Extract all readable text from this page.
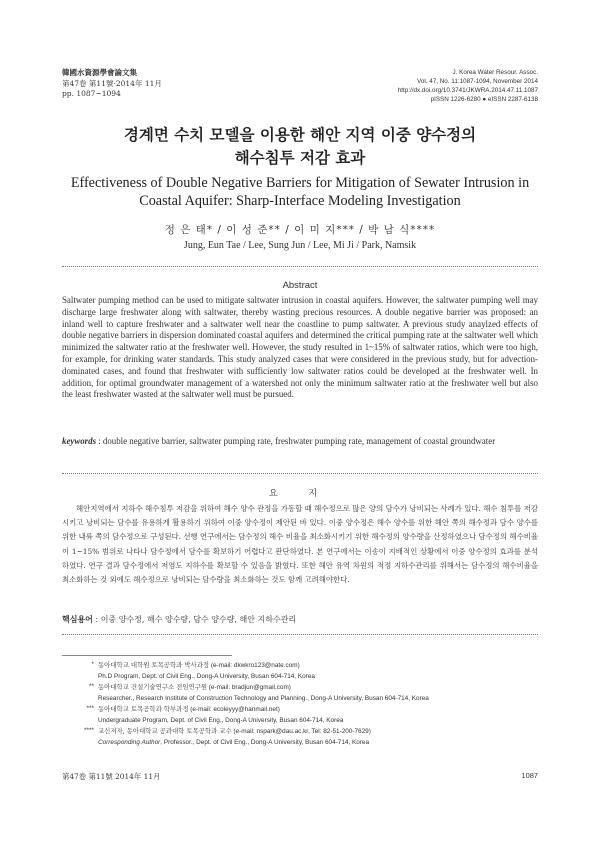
韓國水資源學會論文集
第47卷 第11號·2014年 11月
pp. 1087~1094
J. Korea Water Resour. Assoc.
Vol. 47, No. 11:1087-1094, November 2014
http://dx.doi.org/10.3741/JKWRA.2014.47.11.1087
pISSN 1226-6280 ● eISSN 2287-6138
경계면 수치 모델을 이용한 해안 지역 이중 양수정의
해수침투 저감 효과
Effectiveness of Double Negative Barriers for Mitigation of Sewater Intrusion in
Coastal Aquifer: Sharp-Interface Modeling Investigation
정 은 태* / 이 성 준** / 이 미 지*** / 박 남 식****
Jung, Eun Tae / Lee, Sung Jun / Lee, Mi Ji / Park, Namsik
Abstract

Saltwater pumping method can be used to mitigate saltwater intrusion in coastal aquifers. However, the saltwater pumping well may discharge large freshwater along with saltwater, thereby wasting precious resources. A double negative barrier was proposed: an inland well to capture freshwater and a saltwater well near the coastline to pump saltwater. A previous study anaylzed effects of double negative barriers in dispersion dominated coastal aquifers and determined the critical pumping rate at the saltwater well which minimized the saltwater ratio at the freshwater well. However, the study resulted in 1~15% of saltwater ratios, which were too high, for example, for drinking water standards. This study analyzed cases that were considered in the previous study, but for advection-dominated cases, and found that freshwater with sufficiently low saltwater ratios could be developed at the freshwater well. In addition, for optimal groundwater management of a watershed not only the minimum saltwater ratio at the freshwater well but also the least freshwater wasted at the saltwater well must be pursued.

keywords : double negative barrier, saltwater pumping rate, freshwater pumping rate, management of coastal groundwater

요 지

해안지역에서 지하수 해수침투 저감을 위하여 해수 양수 관정을 가동할 때 해수정으로 많은 양의 담수가 낭비되는 사례가 있다. 해수 침투를 저감시키고 낭비되는 담수를 유용하게 활용하기 위하여 이중 양수정이 제안된 바 있다. 이중 양수정은 해수 양수를 위한 해안 쪽의 해수정과 담수 양수를 위한 내륙 쪽의 담수정으로 구성된다. 선행 연구에서는 담수정의 해수 비율을 최소화시키기 위한 해수정의 양수량을 산정하였으나 담수정의 해수비율이 1~15% 범위로 나타나 담수정에서 담수를 확보하기 어렵다고 판단하였다. 본 연구에서는 이송이 지배적인 상황에서 이중 양수정의 효과를 분석하였다. 연구 결과 담수정에서 저염도 지하수를 확보할 수 있음을 밝혔다. 또한 해안 유역 차원의 적정 지하수관리를 위해서는 담수정의 해수비율을 최소화하는 것 외에도 해수정으로 낭비되는 담수량을 최소화하는 것도 함께 고려해야한다.

핵심용어 : 이중 양수정, 해수 양수량, 담수 양수량, 해안 지하수관리
* 동아대학교 대학원 토목공학과 박사과정 (e-mail: dkwkro123@nate.com)
Ph.D Program, Dept. of Civil Eng., Dong-A University, Busan 604-714, Korea
** 동아대학교 건설기술연구소 전임연구원 (e-mail: bradjun@gmail.com)
Researcher., Research Institute of Construction Technology and Planning., Dong-A University, Busan 604-714, Korea
*** 동아대학교 토목공학과 학부과정 (e-mail: ecoleyyy@hanmail.net)
Undergraduate Program, Dept. of Civil Eng., Dong-A University, Busan 604-714, Korea
**** 교신저자, 동아대학교 공과대학 토목공학과 교수 (e-mail: nspark@dau.ac.kr, Tel: 82-51-200-7629)
Corresponding Author, Professor., Dept. of Civil Eng., Dong-A University, Busan 604-714, Korea
第47卷 第11號 2014年 11月	1087
